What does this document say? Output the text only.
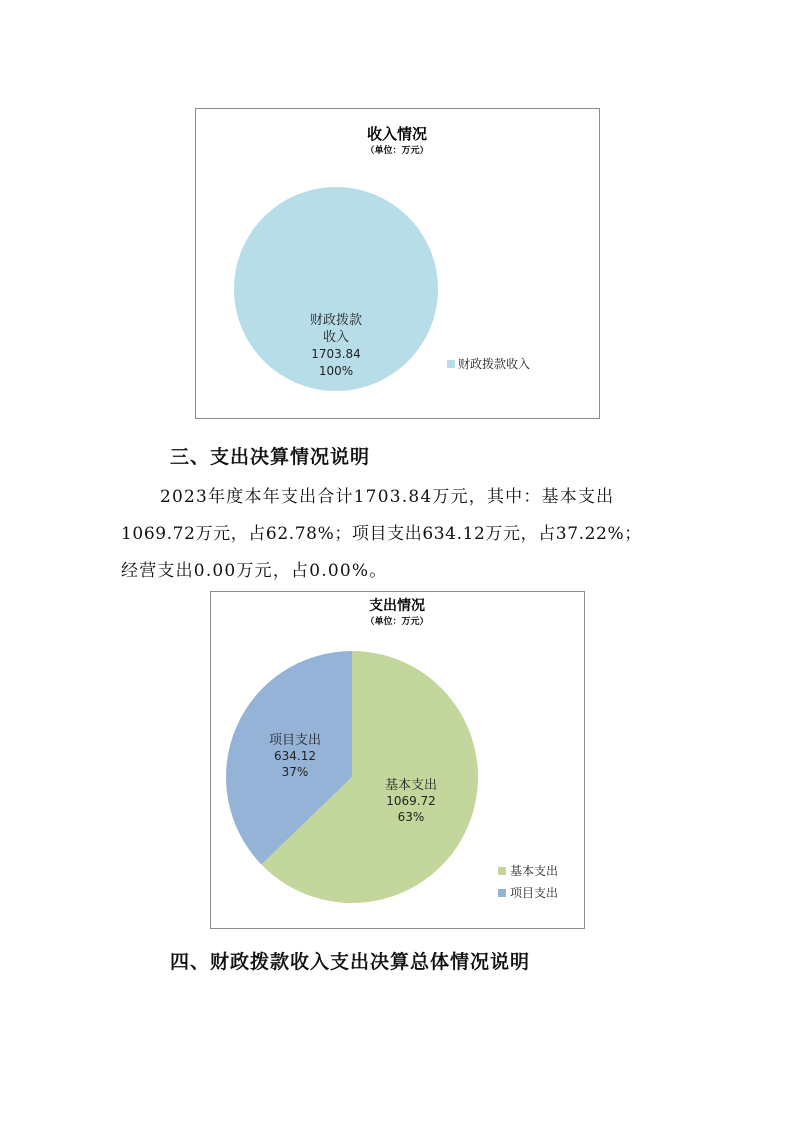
收入情况
（单位：万元）
财政拨款
收入
1703.84
100%	财政拨款收入
三、支出决算情况说明
2023年度本年支出合计1703.84万元，其中：基本支出
1069.72万元，占62.78%；项目支出634.12万元，占37.22%；
经营支出0.00万元，占0.00%。
支出情况
（单位：万元）
基本支出
1069.72
63%
项目支出
634.12
37%
基本支出
项目支出
四、财政拨款收入支出决算总体情况说明
